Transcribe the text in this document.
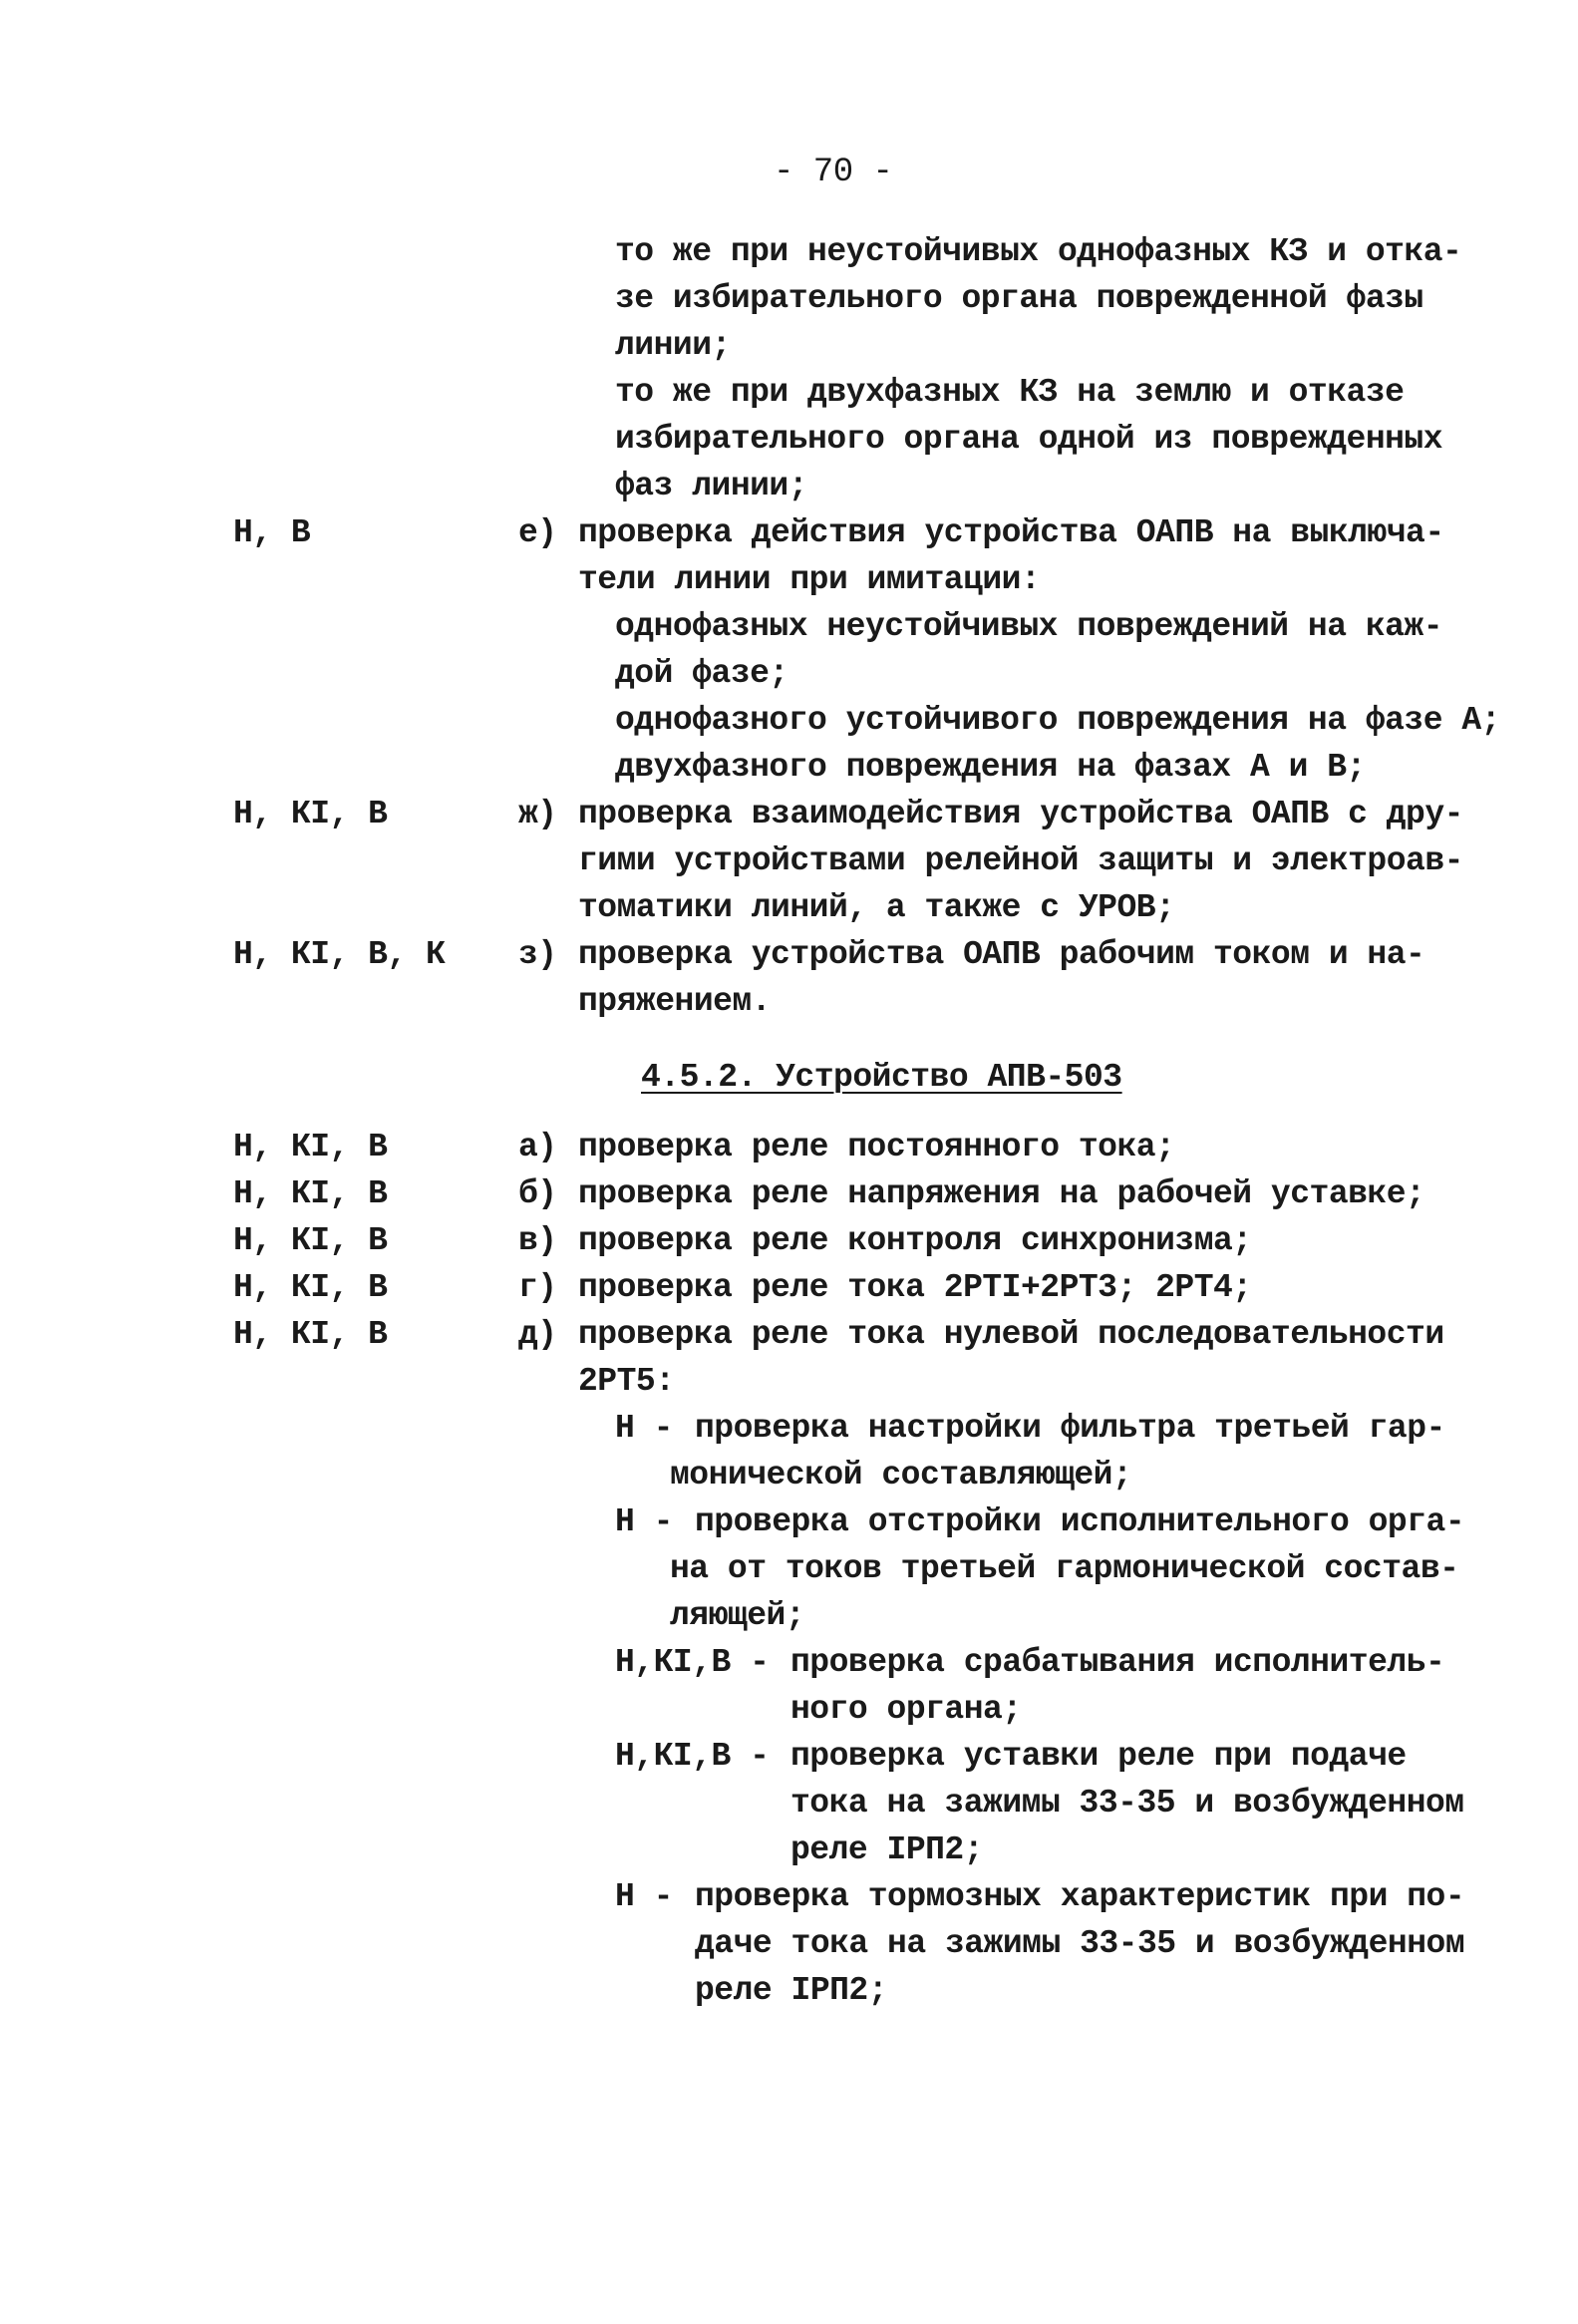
- 70 -
то же при неустойчивых однофазных КЗ и отка-
зе избирательного органа поврежденной фазы
линии;
то же при двухфазных КЗ на землю и отказе
избирательного органа одной из поврежденных
фаз линии;
Н, В	е) проверка действия устройства ОАПВ на выключа-
тели линии при имитации:
однофазных неустойчивых повреждений на каж-
дой фазе;
однофазного устойчивого повреждения на фазе А;
двухфазного повреждения на фазах А и В;
Н, КI, В	ж) проверка взаимодействия устройства ОАПВ с дру-
гими устройствами релейной защиты и электроав-
томатики линий, а также с УРОВ;
Н, КI, В, К з) проверка устройства ОАПВ рабочим током и на-
пряжением.
4.5.2. Устройство АПВ-503
Н, КI, В	а) проверка реле постоянного тока;
Н, КI, В	б) проверка реле напряжения на рабочей уставке;
Н, КI, В	в) проверка реле контроля синхронизма;
Н, КI, В	г) проверка реле тока 2РТI+2РТ3; 2РТ4;
Н, КI, В	д) проверка реле тока нулевой последовательности
2РТ5:
Н - проверка настройки фильтра третьей гар-
монической составляющей;
Н - проверка отстройки исполнительного орга-
на от токов третьей гармонической состав-
ляющей;
Н,КI,В - проверка срабатывания исполнитель-
ного органа;
Н,КI,В - проверка уставки реле при подаче
тока на зажимы 33-35 и возбужденном
реле IРП2;
Н - проверка тормозных характеристик при по-
даче тока на зажимы 33-35 и возбужденном
реле IРП2;
